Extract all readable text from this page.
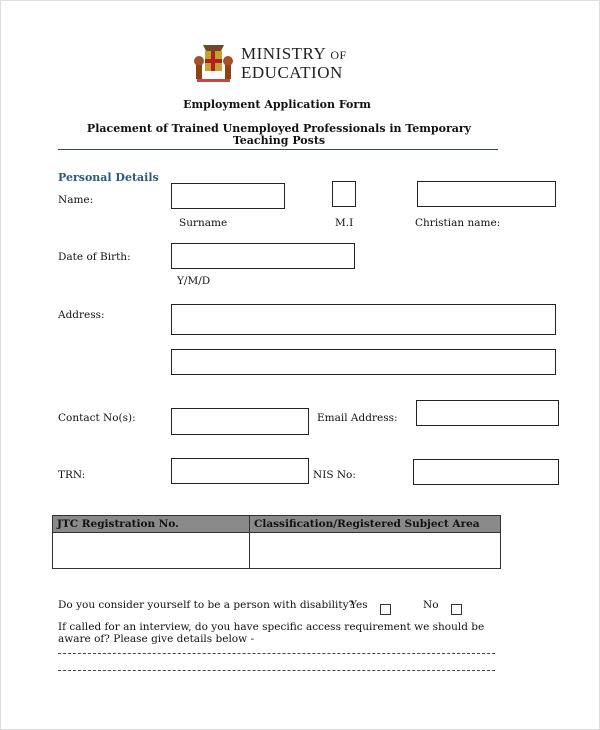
MINISTRY OF
EDUCATION
Employment Application Form
Placement of Trained Unemployed Professionals in Temporary Teaching Posts
Personal Details
Name:
Surname	M.I	Christian name:
Date of Birth:
Y/M/D
Address:
Contact No(s):	Email Address:
TRN:	NIS No:
JTC Registration No.	Classification/Registered Subject Area

Do you consider yourself to be a person with disability?
Yes	No
If called for an interview, do you have specific access requirement we should be aware of? Please give details below -
